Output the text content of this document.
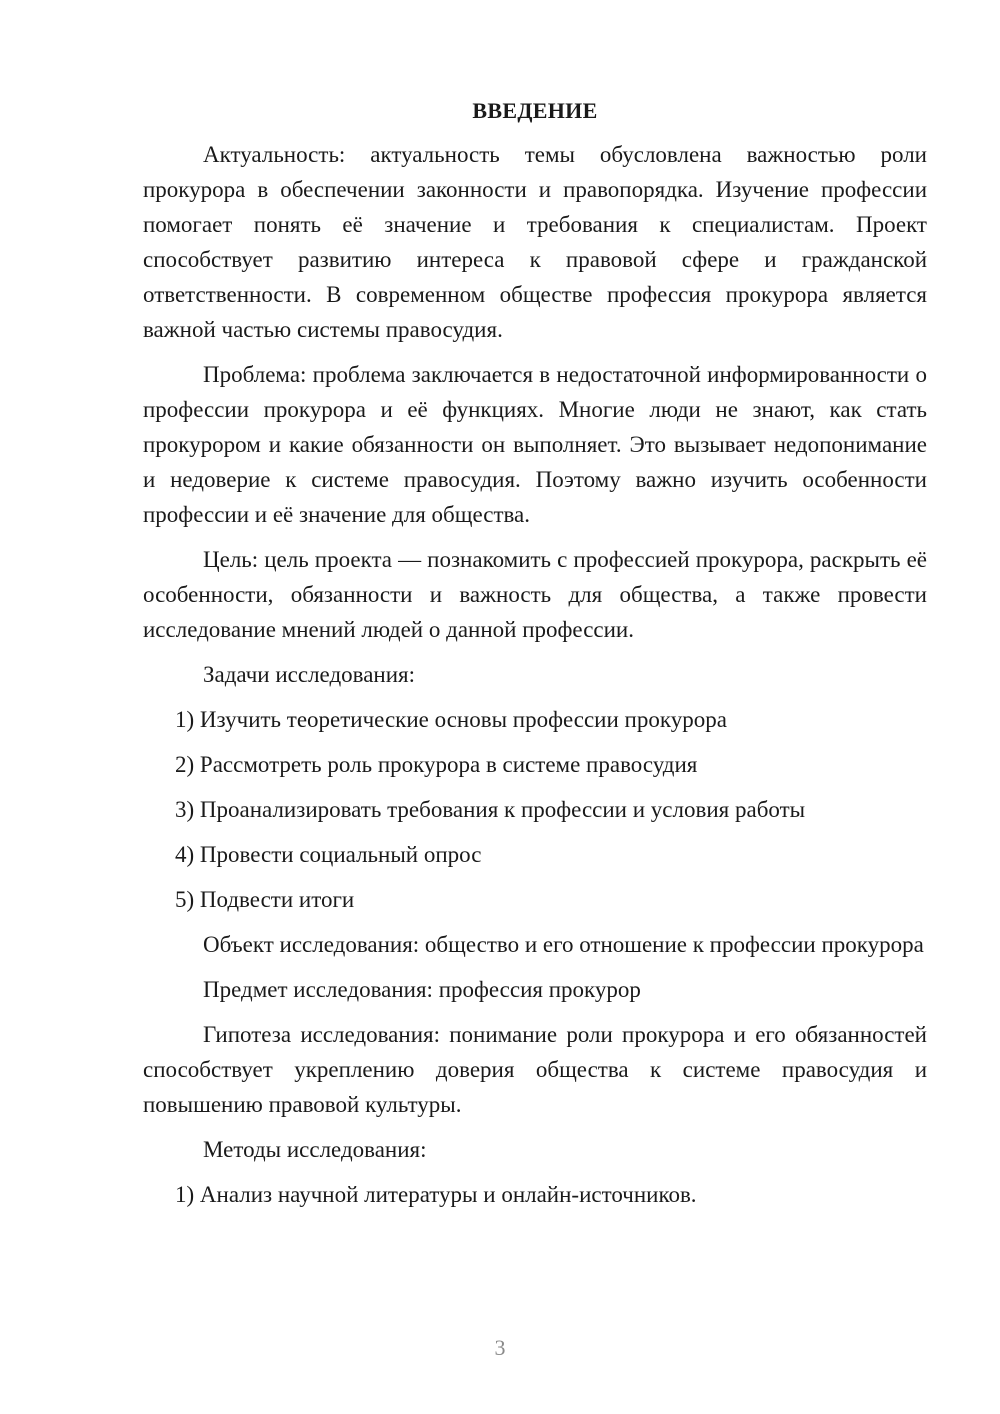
ВВЕДЕНИЕ

Актуальность: актуальность темы обусловлена важностью роли прокурора в обеспечении законности и правопорядка. Изучение профессии помогает понять её значение и требования к специалистам. Проект способствует развитию интереса к правовой сфере и гражданской ответственности. В современном обществе профессия прокурора является важной частью системы правосудия.

Проблема: проблема заключается в недостаточной информированности о профессии прокурора и её функциях. Многие люди не знают, как стать прокурором и какие обязанности он выполняет. Это вызывает недопонимание и недоверие к системе правосудия. Поэтому важно изучить особенности профессии и её значение для общества.

Цель: цель проекта — познакомить с профессией прокурора, раскрыть её особенности, обязанности и важность для общества, а также провести исследование мнений людей о данной профессии.

Задачи исследования:

1) Изучить теоретические основы профессии прокурора

2) Рассмотреть роль прокурора в системе правосудия

3) Проанализировать требования к профессии и условия работы

4) Провести социальный опрос

5) Подвести итоги

Объект исследования: общество и его отношение к профессии прокурора

Предмет исследования: профессия прокурор

Гипотеза исследования: понимание роли прокурора и его обязанностей способствует укреплению доверия общества к системе правосудия и повышению правовой культуры.

Методы исследования:

1) Анализ научной литературы и онлайн-источников.

3
